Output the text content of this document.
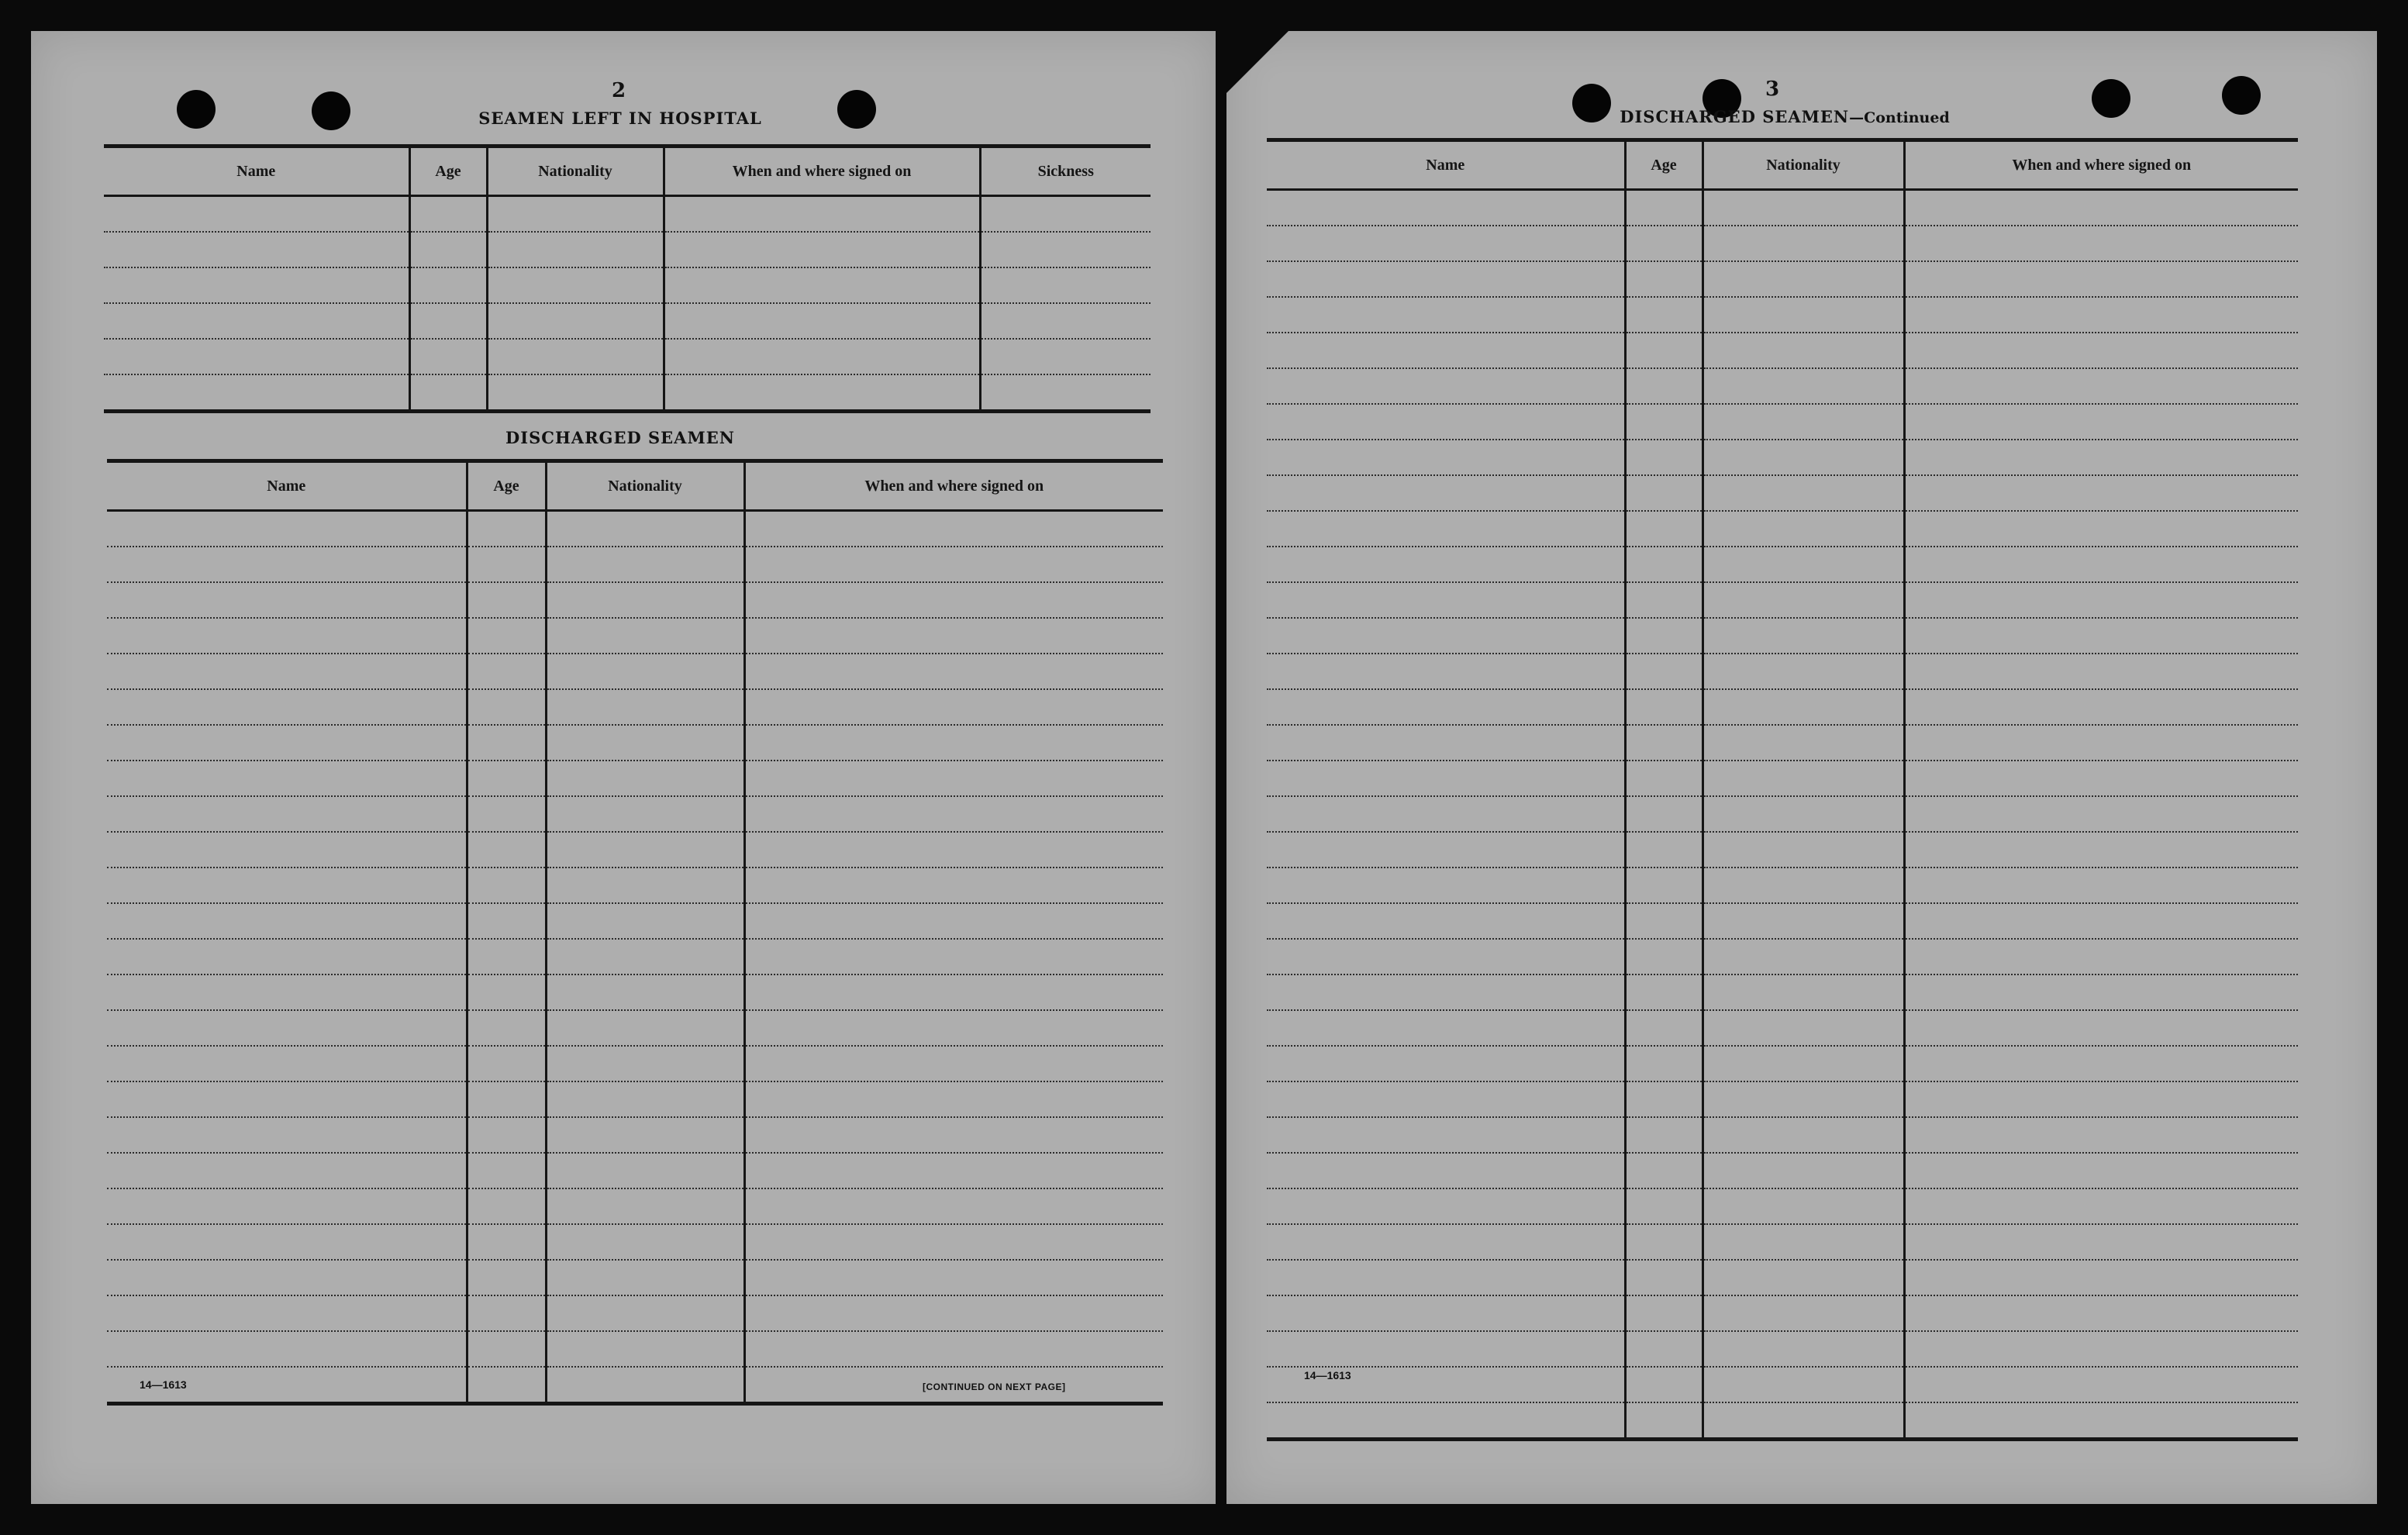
2
SEAMEN LEFT IN HOSPITAL
Name	Age	Nationality	When and where signed on	Sickness

DISCHARGED SEAMEN
Name	Age	Nationality	When and where signed on

14—1613	[CONTINUED ON NEXT PAGE]
3
DISCHARGED SEAMEN—Continued
Name	Age	Nationality	When and where signed on

14—1613
